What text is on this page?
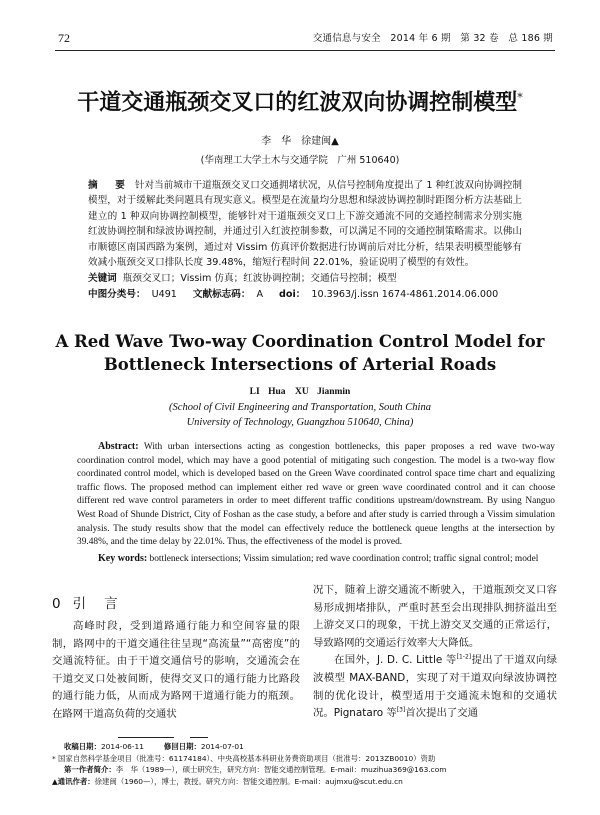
72	交通信息与安全　2014 年 6 期　第 32 卷　总 186 期
干道交通瓶颈交叉口的红波双向协调控制模型*
李　华　徐建闽▲
(华南理工大学土木与交通学院　广州 510640)
摘　要 针对当前城市干道瓶颈交叉口交通拥堵状况，从信号控制角度提出了 1 种红波双向协调控制模型，对于缓解此类问题具有现实意义。模型是在流量均分思想和绿波协调控制时距图分析方法基础上建立的 1 种双向协调控制模型，能够针对干道瓶颈交叉口上下游交通流不同的交通控制需求分别实施红波协调控制和绿波协调控制，并通过引入红波控制参数，可以满足不同的交通控制策略需求。以佛山市顺德区南国西路为案例，通过对 Vissim 仿真评价数据进行协调前后对比分析，结果表明模型能够有效减小瓶颈交叉口排队长度 39.48%，缩短行程时间 22.01%，验证说明了模型的有效性。
关键词 瓶颈交叉口；Vissim 仿真；红波协调控制；交通信号控制；模型
中图分类号： U491 文献标志码： A doi： 10.3963/j.issn 1674-4861.2014.06.000
A Red Wave Two-way Coordination Control Model for
Bottleneck Intersections of Arterial Roads
LI Hua　XU Jianmin
(School of Civil Engineering and Transportation, South China
University of Technology, Guangzhou 510640, China)
Abstract: With urban intersections acting as congestion bottlenecks, this paper proposes a red wave two-way coordination control model, which may have a good potential of mitigating such congestion. The model is a two-way flow coordinated control model, which is developed based on the Green Wave coordinated control space time chart and equalizing traffic flows. The proposed method can implement either red wave or green wave coordinated control and it can choose different red wave control parameters in order to meet different traffic conditions upstream/downstream. By using Nanguo West Road of Shunde District, City of Foshan as the case study, a before and after study is carried through a Vissim simulation analysis. The study results show that the model can effectively reduce the bottleneck queue lengths at the intersection by 39.48%, and the time delay by 22.01%. Thus, the effectiveness of the model is proved.
Key words: bottleneck intersections; Vissim simulation; red wave coordination control; traffic signal control; model
0 引 言
高峰时段，受到道路通行能力和空间容量的限制，路网中的干道交通往往呈现“高流量”“高密度”的交通流特征。由于干道交通信号的影响，交通流会在干道交叉口处被间断，使得交叉口的通行能力比路段的通行能力低，从而成为路网干道通行能力的瓶颈。在路网干道高负荷的交通状
况下，随着上游交通流不断驶入，干道瓶颈交叉口容易形成拥堵排队，严重时甚至会出现排队拥挤溢出至上游交叉口的现象，干扰上游交叉交通的正常运行，导致路网的交通运行效率大大降低。
在国外，J. D. C. Little 等[1-2]提出了干道双向绿波模型 MAX-BAND，实现了对干道双向绿波协调控制的优化设计，模型适用于交通流未饱和的交通状况。Pignataro 等[3]首次提出了交通
收稿日期：2014-06-11	修回日期：2014-07-01
* 国家自然科学基金项目（批准号：61174184）、中央高校基本科研业务费资助项目（批准号：2013ZB0010）资助
第一作者简介：李　华（1989—），硕士研究生，研究方向：智能交通控制管理。E-mail：muzihua369@163.com
▲通讯作者：徐建闽（1960—），博士，教授。研究方向：智能交通控制。E-mail：aujmxu@scut.edu.cn
